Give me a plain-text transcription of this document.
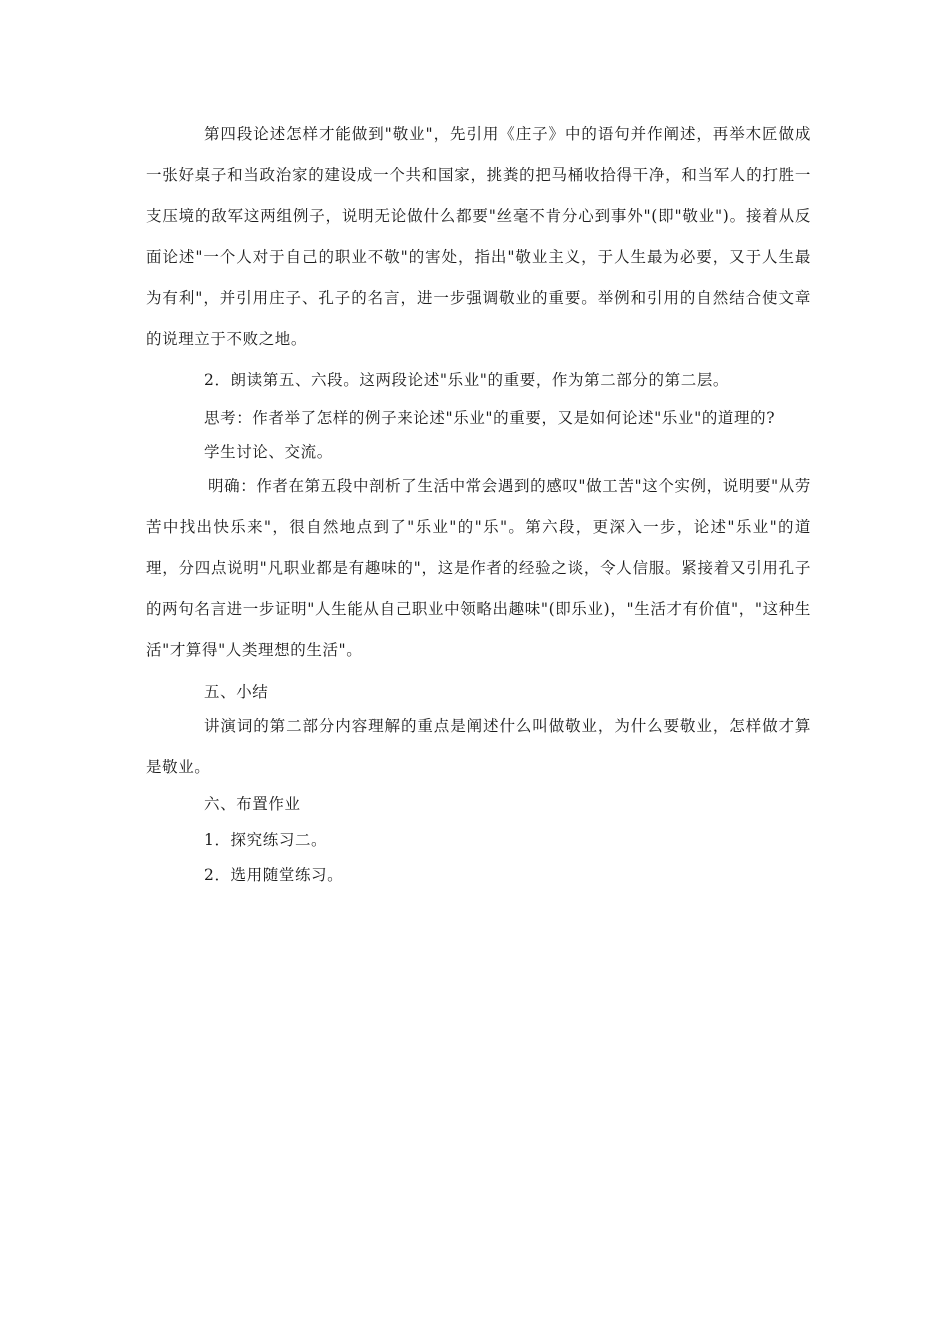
第四段论述怎样才能做到"敬业"，先引用《庄子》中的语句并作阐述，再举木匠做成一张好桌子和当政治家的建设成一个共和国家，挑粪的把马桶收拾得干净，和当军人的打胜一支压境的敌军这两组例子，说明无论做什么都要"丝毫不肯分心到事外"(即"敬业")。接着从反面论述"一个人对于自己的职业不敬"的害处，指出"敬业主义，于人生最为必要，又于人生最为有利"，并引用庄子、孔子的名言，进一步强调敬业的重要。举例和引用的自然结合使文章的说理立于不败之地。
2．朗读第五、六段。这两段论述"乐业"的重要，作为第二部分的第二层。
思考：作者举了怎样的例子来论述"乐业"的重要，又是如何论述"乐业"的道理的?
学生讨论、交流。
明确：作者在第五段中剖析了生活中常会遇到的感叹"做工苦"这个实例，说明要"从劳苦中找出快乐来"，很自然地点到了"乐业"的"乐"。第六段，更深入一步，论述"乐业"的道理，分四点说明"凡职业都是有趣味的"，这是作者的经验之谈，令人信服。紧接着又引用孔子的两句名言进一步证明"人生能从自己职业中领略出趣味"(即乐业)，"生活才有价值"，"这种生活"才算得"人类理想的生活"。
五、小结
讲演词的第二部分内容理解的重点是阐述什么叫做敬业，为什么要敬业，怎样做才算是敬业。
六、布置作业
1．探究练习二。
2．选用随堂练习。
